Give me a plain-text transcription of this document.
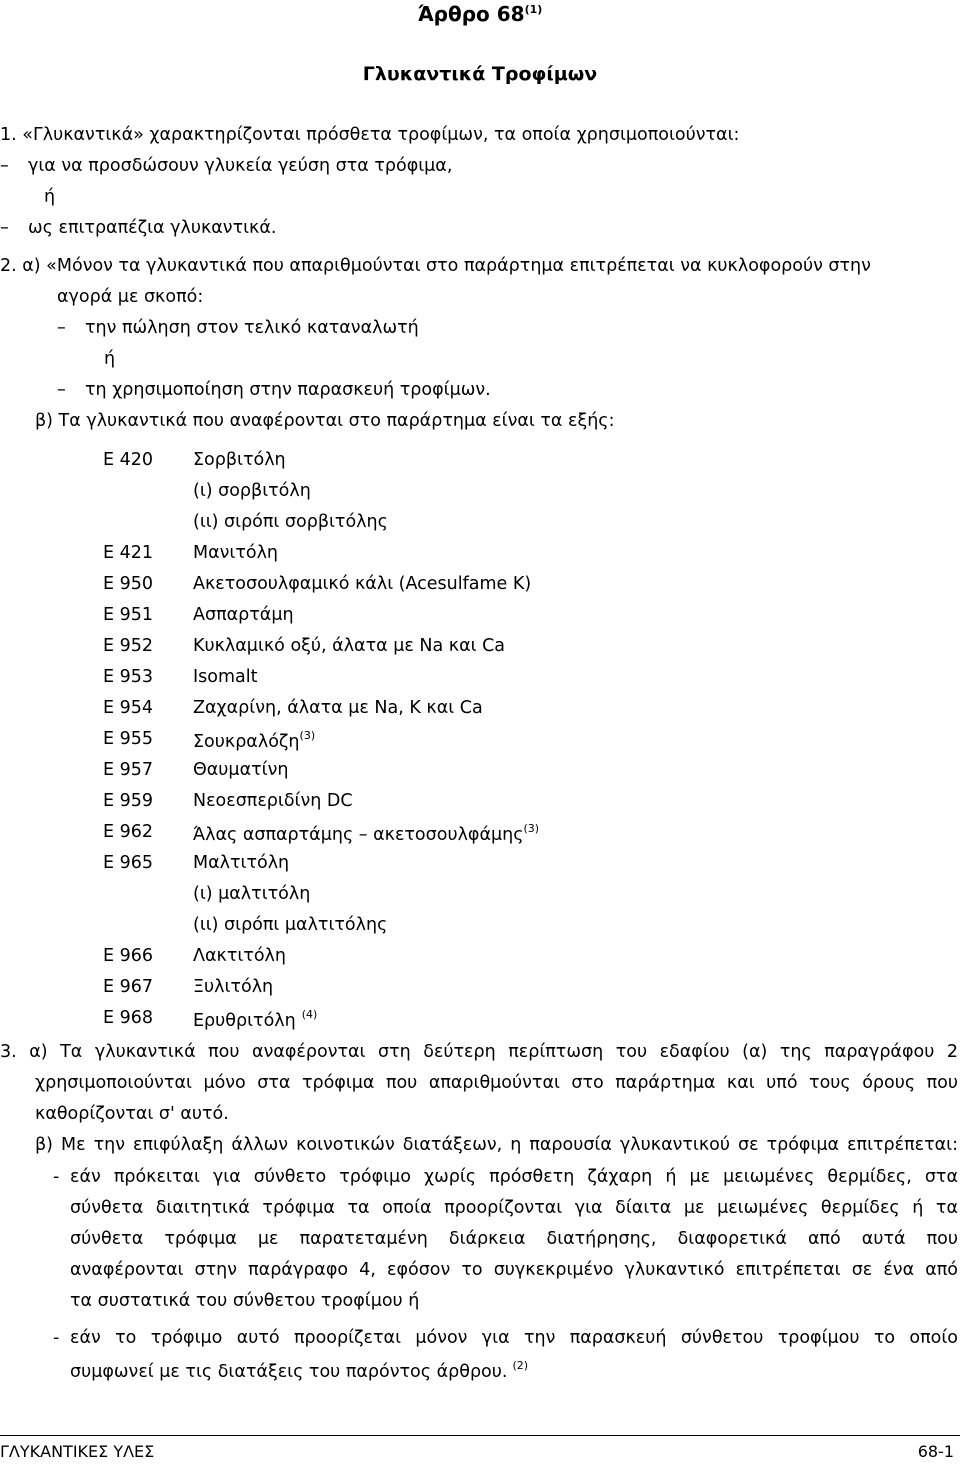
Άρθρο 68$^{(1)}$
Γλυκαντικά Τροφίμων
1. «Γλυκαντικά» χαρακτηρίζονται πρόσθετα τροφίμων, τα οποία χρησιμοποιούνται:
– για να προσδώσουν γλυκεία γεύση στα τρόφιμα,
ή
– ως επιτραπέζια γλυκαντικά.
2. α) «Μόνον τα γλυκαντικά που απαριθμούνται στο παράρτημα επιτρέπεται να κυκλοφορούν στην
αγορά με σκοπό:
– την πώληση στον τελικό καταναλωτή
ή
– τη χρησιμοποίηση στην παρασκευή τροφίμων.
β) Τα γλυκαντικά που αναφέρονται στο παράρτημα είναι τα εξής:
Ε 420 Σορβιτόλη
(ι) σορβιτόλη
(ιι) σιρόπι σορβιτόλης
Ε 421 Μανιτόλη
Ε 950 Ακετοσουλφαμικό κάλι (Acesulfame K)
Ε 951 Ασπαρτάμη
Ε 952 Κυκλαμικό οξύ, άλατα με Na και Ca
Ε 953 Isomalt
Ε 954 Ζαχαρίνη, άλατα με Na, K και Ca
Ε 955 Σουκραλόζη$^{(3)}$
Ε 957 Θαυματίνη
Ε 959 Νεοεσπεριδίνη DC
Ε 962 Άλας ασπαρτάμης – ακετοσουλφάμης$^{(3)}$
Ε 965 Μαλτιτόλη
(ι) μαλτιτόλη
(ιι) σιρόπι μαλτιτόλης
Ε 966 Λακτιτόλη
Ε 967 Ξυλιτόλη
Ε 968 Ερυθριτόλη $^{(4)}$
3. α) Τα γλυκαντικά που αναφέρονται στη δεύτερη περίπτωση του εδαφίου (α) της παραγράφου 2
χρησιμοποιούνται μόνο στα τρόφιμα που απαριθμούνται στο παράρτημα και υπό τους όρους που
καθορίζονται σ' αυτό.
β) Με την επιφύλαξη άλλων κοινοτικών διατάξεων, η παρουσία γλυκαντικού σε τρόφιμα επιτρέπεται:
- εάν πρόκειται για σύνθετο τρόφιμο χωρίς πρόσθετη ζάχαρη ή με μειωμένες θερμίδες, στα
σύνθετα διαιτητικά τρόφιμα τα οποία προορίζονται για δίαιτα με μειωμένες θερμίδες ή τα
σύνθετα τρόφιμα με παρατεταμένη διάρκεια διατήρησης, διαφορετικά από αυτά που
αναφέρονται στην παράγραφο 4, εφόσον το συγκεκριμένο γλυκαντικό επιτρέπεται σε ένα από
τα συστατικά του σύνθετου τροφίμου ή
- εάν το τρόφιμο αυτό προορίζεται μόνον για την παρασκευή σύνθετου τροφίμου το οποίο
συμφωνεί με τις διατάξεις του παρόντος άρθρου. $^{(2)}$
ΓΛΥΚΑΝΤΙΚΕΣ ΥΛΕΣ	68-1
